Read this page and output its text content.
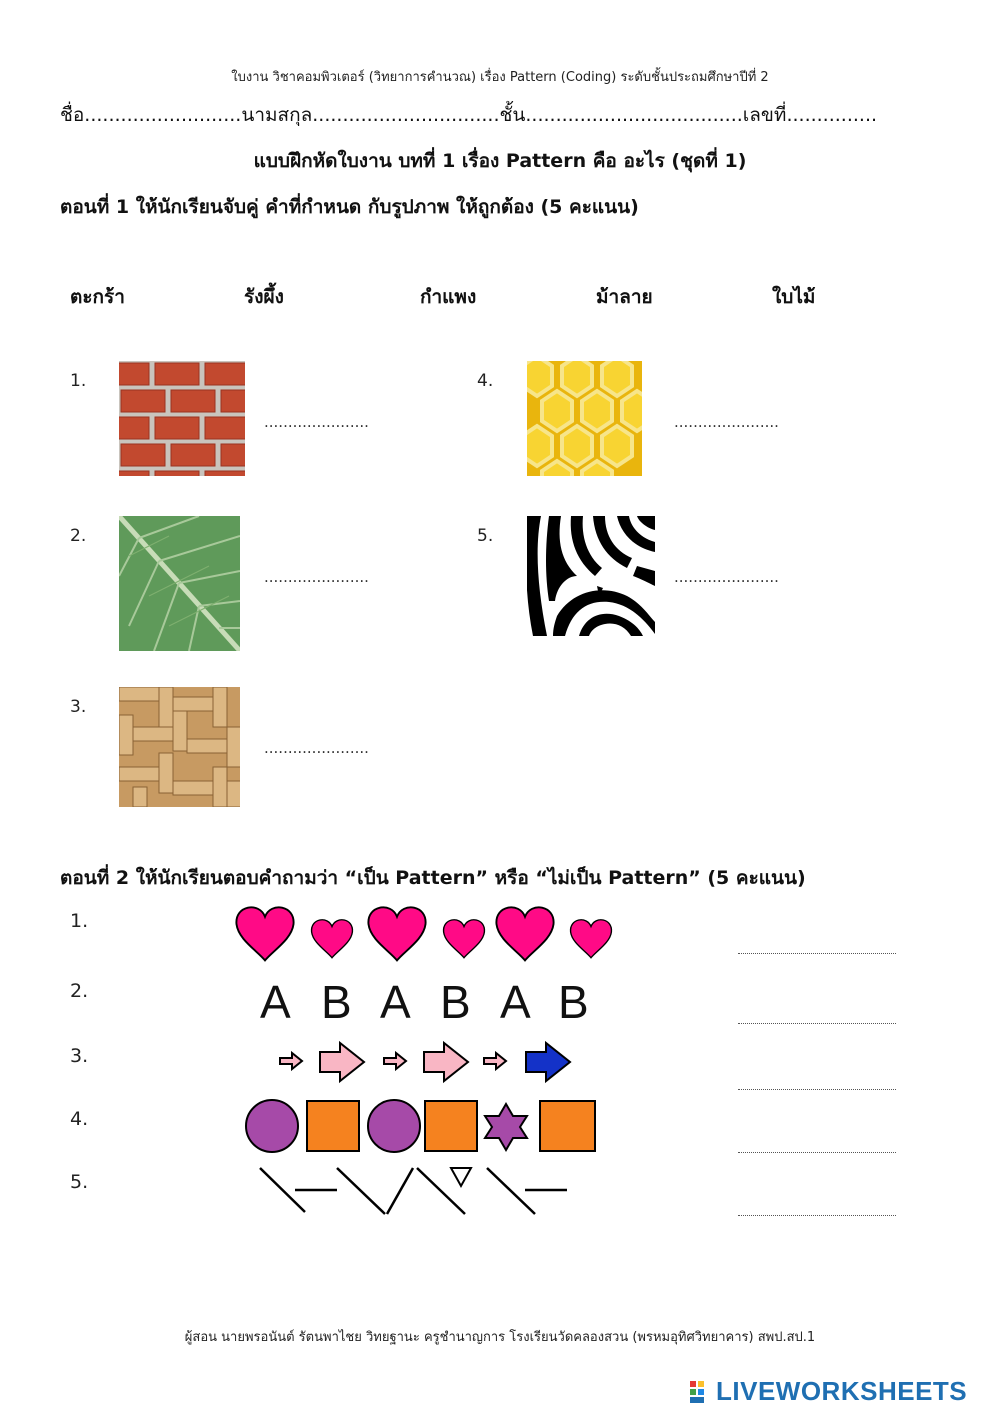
ใบงาน วิชาคอมพิวเตอร์ (วิทยาการคำนวณ) เรื่อง Pattern (Coding) ระดับชั้นประถมศึกษาปีที่ 2
ชื่อ..........................นามสกุล...............................ชั้น....................................เลขที่...............
แบบฝึกหัดใบงาน บทที่ 1 เรื่อง Pattern คือ อะไร (ชุดที่ 1)
ตอนที่ 1 ให้นักเรียนจับคู่ คำที่กำหนด กับรูปภาพ ให้ถูกต้อง (5 คะแนน)
ตะกร้า	รังผึ้ง	กำแพง	ม้าลาย	ใบไม้
1.
......................
2.
......................
3.
......................
4.
......................
5.
......................
ตอนที่ 2 ให้นักเรียนตอบคำถามว่า “เป็น Pattern” หรือ “ไม่เป็น Pattern” (5 คะแนน)
1.
2.
3.
4.
5.
A B A B A B
ผู้สอน นายพรอนันต์ รัตนพาไชย วิทยฐานะ ครูชำนาญการ โรงเรียนวัดคลองสวน (พรหมอุทิศวิทยาคาร) สพป.สป.1
LIVEWORKSHEETS
